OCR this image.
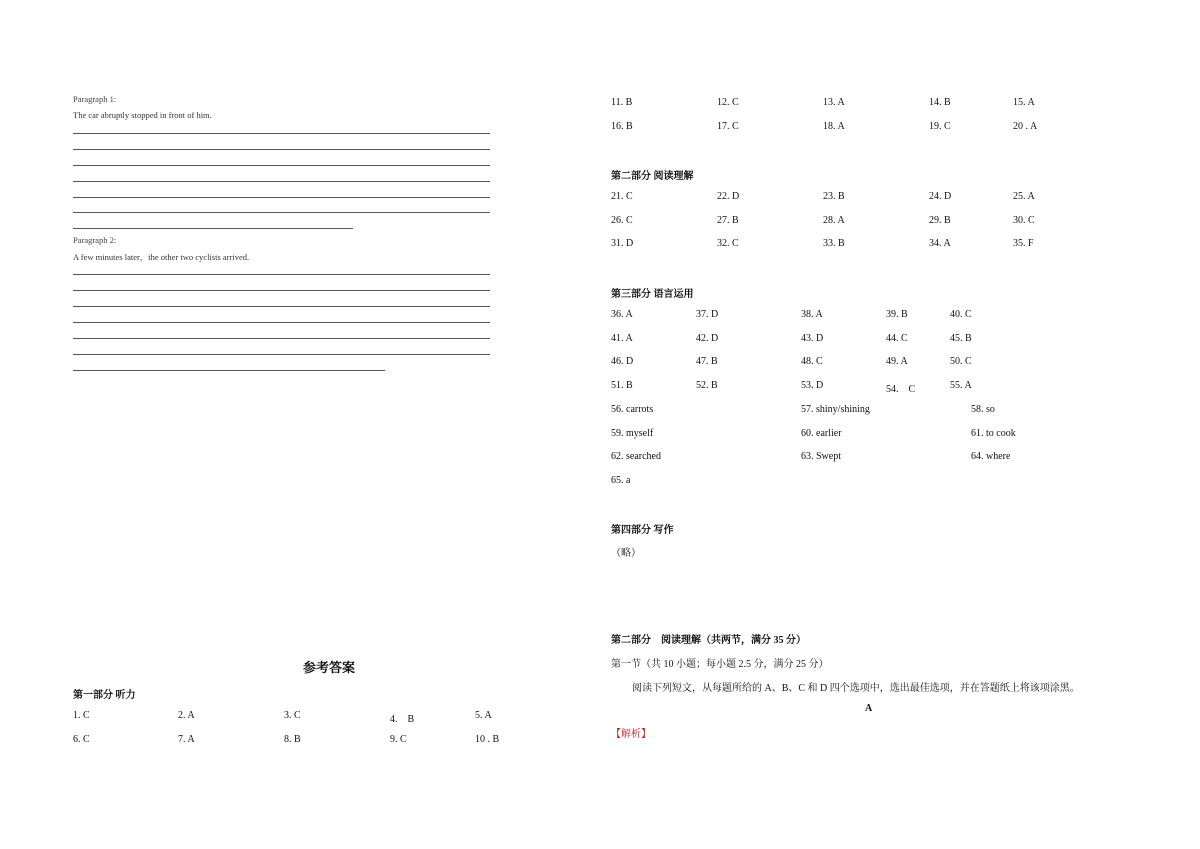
Paragraph 1:
The car abruptly stopped in front of him.
Paragraph 2:
A few minutes later，the other two cyclists arrived.
参考答案
第一部分 听力
1. C	2. A	3. C	4.　B	5. A
6. C	7. A	8. B	9. C	10 . B
11. B	12. C	13. A	14. B	15. A
16. B	17. C	18. A	19. C	20 . A
第二部分 阅读理解
21. C	22. D	23. B	24. D	25. A
26. C	27. B	28. A	29. B	30. C
31. D	32. C	33. B	34. A	35. F
第三部分 语言运用
36. A	37. D	38. A	39. B	40. C
41. A	42. D	43. D	44. C	45. B
46. D	47. B	48. C	49. A	50. C
51. B	52. B	53. D	54.　C	55. A
56. carrots	57. shiny/shining	58. so
59. myself	60. earlier	61. to cook
62. searched	63. Swept	64. where
65. a
第四部分 写作
（略）
第二部分　阅读理解（共两节，满分 35 分）
第一节（共 10 小题；每小题 2.5 分，满分 25 分）
阅读下列短文，从每题所给的 A、B、C 和 D 四个选项中，选出最佳选项，并在答题纸上将该项涂黑。
A
【解析】
